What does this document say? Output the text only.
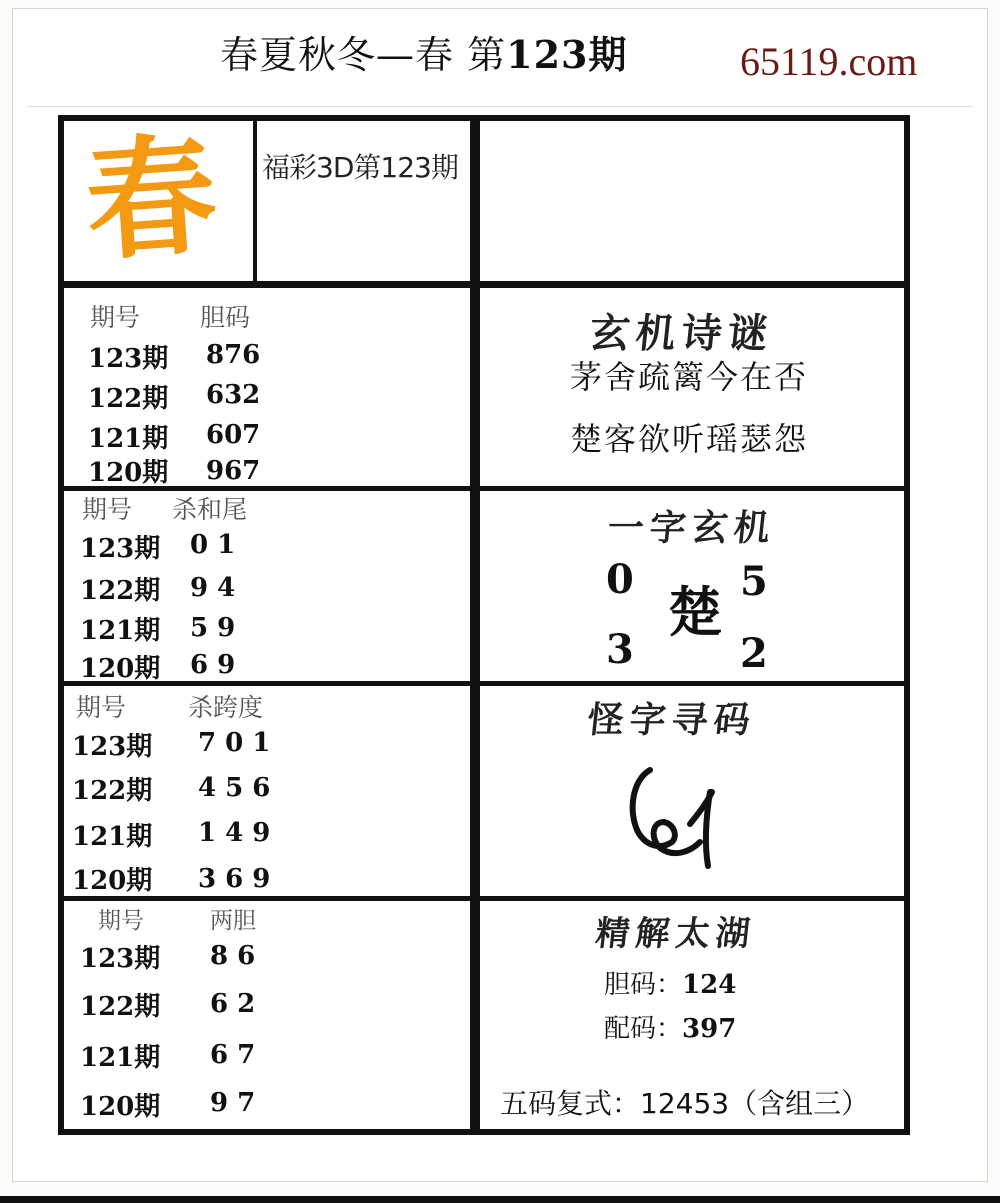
春夏秋冬—春 第123期	65119.com
春 福彩3D第123期
期号 胆码
123期 876
122期 632
121期 607
120期 967
期号 杀和尾
123期 0 1
122期 9 4
121期 5 9
120期 6 9
期号 杀跨度
123期 7 0 1
122期 4 5 6
121期 1 4 9
120期 3 6 9
期号	两胆
123期 8 6
122期 6 2
121期 6 7
120期 9 7
玄机诗谜
茅舍疏篱今在否
楚客欲听瑶瑟怨
一字玄机
0	5
楚
3	2
怪字寻码
精解太湖
胆码：124
配码：397
五码复式：12453（含组三）
